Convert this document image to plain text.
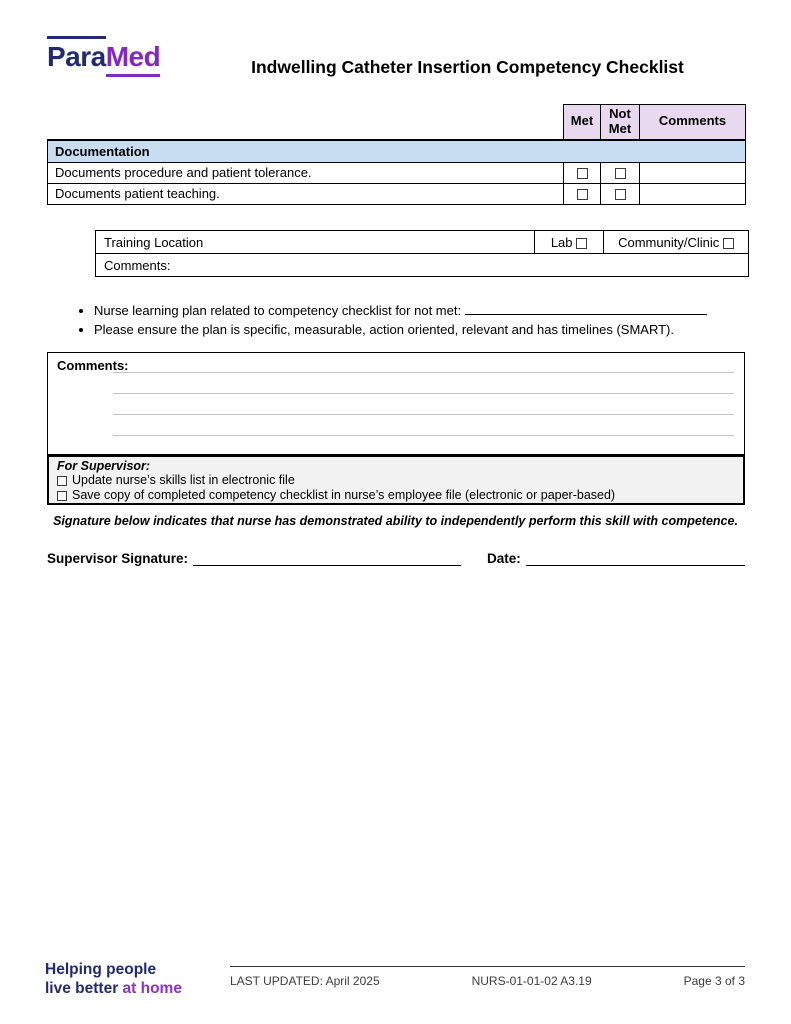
ParaMed	Indwelling Catheter Insertion Competency Checklist
	Met	Not Met	Comments
Documentation			
Documents procedure and patient tolerance.			
Documents patient teaching.			
Training Location	Lab	Community/Clinic
Comments:
• Nurse learning plan related to competency checklist for not met:
• Please ensure the plan is specific, measurable, action oriented, relevant and has timelines (SMART).
Comments:
For Supervisor:
Update nurse’s skills list in electronic file
Save copy of completed competency checklist in nurse’s employee file (electronic or paper-based)
Signature below indicates that nurse has demonstrated ability to independently perform this skill with competence.
Supervisor Signature:	Date:
Helping people
live better at home	LAST UPDATED: April 2025	NURS-01-01-02 A3.19	Page 3 of 3
